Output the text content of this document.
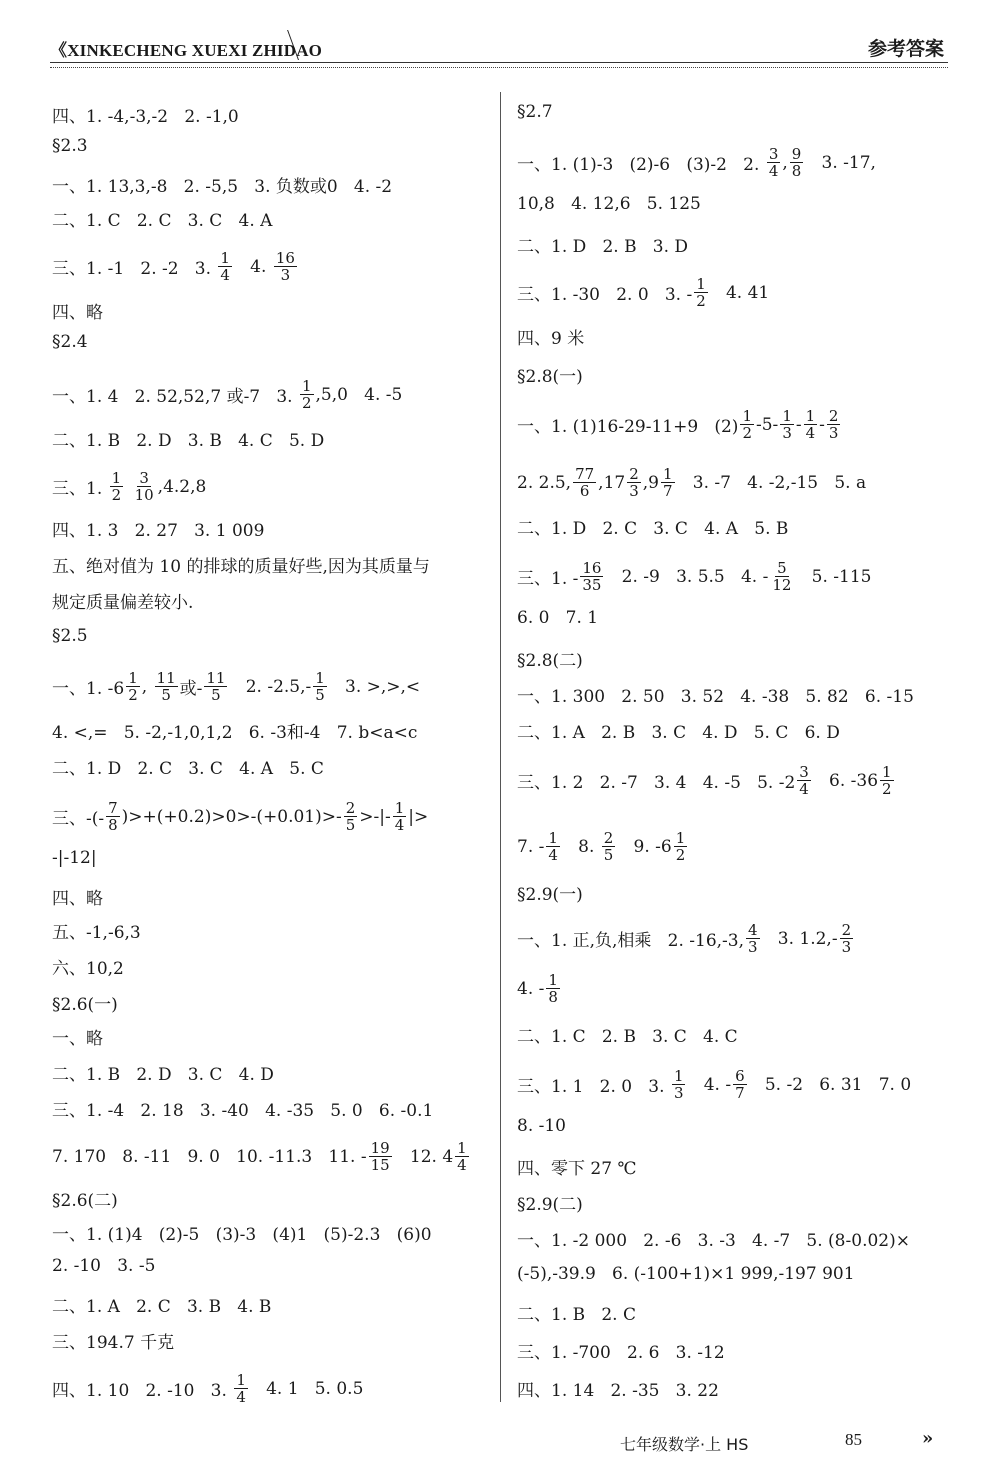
《XINKECHENG XUEXI ZHIDAO	参考答案
四、1. -4,-3,-2   2. -1,0
§2.3
一、1. 13,3,-8   2. -5,5   3. 负数或0   4. -2
二、1. C   2. C   3. C   4. A
三、1. -1   2. -2   3. $\frac{1}{4} 4$. $\frac{16}{3}$
四、略
§2.4
一、1. 4   2. 52,52,7 或-7   3. $\frac{1}{2} ,5,0$   4. -5
二、1. B   2. D   3. B   4. C   5. D
三、1. $\frac{1}{2}$
$\frac{3}{10} ,4.2,8$
四、1. 3   2. 27   3. 1 009
五、绝对值为 10 的排球的质量好些,因为其质量与
规定质量偏差较小.
§2.5
一、1. $-6 \frac{1}{2}$ , $\frac{11}{5}$ 或- $\frac{11}{5} 2$. $-2.5,- \frac{1}{5} 3$. >,>,<
4. <,=   5. -2,-1,0,1,2   6. -3和-4   7. b<a<c
二、1. D   2. C   3. C   4. A   5. C
三、-(- $\frac{7}{8} )>+(+0.2)>0>-(+0.01)>- \frac{2}{5}$ >-|- $\frac{1}{4}$ |>
-|-12|
四、略
五、-1,-6,3
六、10,2
§2.6(一)
一、略
二、1. B   2. D   3. C   4. D
三、1. -4   2. 18   3. -40   4. -35   5. 0   6. -0.1
7. 170   8. -11   9. 0   10. -11.3   11. - $\frac{19}{15} 12$. $4 \frac{1}{4}$
§2.6(二)
一、1. (1)4   (2)-5   (3)-3   (4)1   (5)-2.3   (6)0
2. -10   3. -5
二、1. A   2. C   3. B   4. B
三、194.7 千克
四、1. 10   2. -10   3. $\frac{1}{4} 4$. 1   5. 0.5
§2.7
一、1. (1)-3   (2)-6   (3)-2   2. $\frac{3}{4}$ , $\frac{9}{8} 3$. -17,
10,8   4. 12,6   5. 125
二、1. D   2. B   3. D
三、1. -30   2. 0   3. - $\frac{1}{2} 4$. 41
四、9 米
§2.8(一)
一、1. (1)16-29-11+9   $(2) \frac{1}{2} -5- \frac{1}{3} - \frac{1}{4} - \frac{2}{3}$
2. 2.5, $\frac{77}{6} ,17 \frac{2}{3} ,9 \frac{1}{7} 3$. -7   4. -2,-15   5. a
二、1. D   2. C   3. C   4. A   5. B
三、1. - $\frac{16}{35} 2$. -9   3. 5.5   4. - $\frac{5}{12} 5$. -115
6. 0   7. 1
§2.8(二)
一、1. 300   2. 50   3. 52   4. -38   5. 82   6. -15
二、1. A   2. B   3. C   4. D   5. C   6. D
三、1. 2   2. -7   3. 4   4. -5   5. $-2 \frac{3}{4} 6$. $-36 \frac{1}{2}$
7. - $\frac{1}{4} 8$. $\frac{2}{5} 9$. $-6 \frac{1}{2}$
§2.9(一)
一、1. 正,负,相乘   2. -16,-3, $\frac{4}{3} 3$. $1.2,- \frac{2}{3}$
4. - $\frac{1}{8}$
二、1. C   2. B   3. C   4. C
三、1. 1   2. 0   3. $\frac{1}{3} 4$. - $\frac{6}{7} 5$. -2   6. 31   7. 0
8. -10
四、零下 27 ℃
§2.9(二)
一、1. -2 000   2. -6   3. -3   4. -7   5. (8-0.02)×
(-5),-39.9   6. (-100+1)×1 999,-197 901
二、1. B   2. C
三、1. -700   2. 6   3. -12
四、1. 14   2. -35   3. 22
七年级数学·上 HS	85	»
